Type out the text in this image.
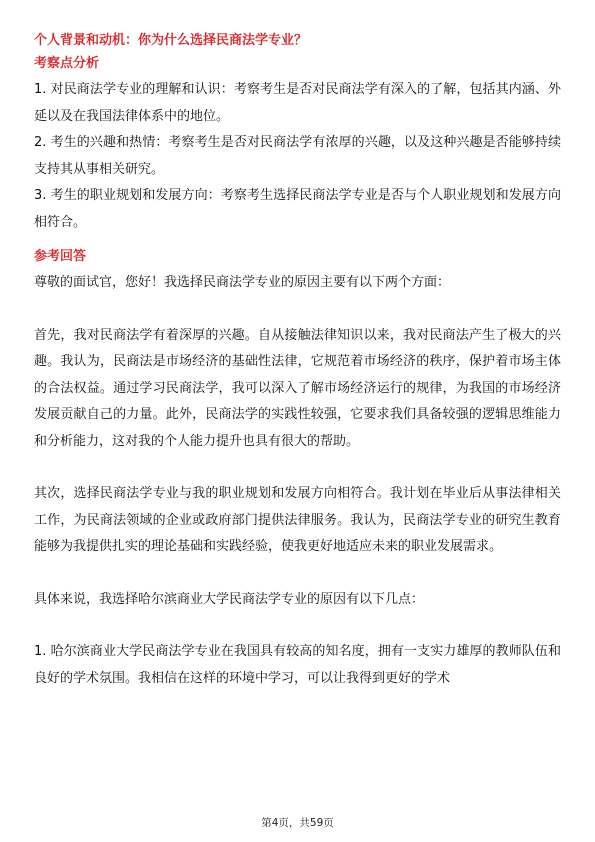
个人背景和动机：你为什么选择民商法学专业？
考察点分析

1. 对民商法学专业的理解和认识：考察考生是否对民商法学有深入的了解，包括其内涵、外延以及在我国法律体系中的地位。

2. 考生的兴趣和热情：考察考生是否对民商法学有浓厚的兴趣，以及这种兴趣是否能够持续支持其从事相关研究。

3. 考生的职业规划和发展方向：考察考生选择民商法学专业是否与个人职业规划和发展方向相符合。

参考回答

尊敬的面试官，您好！我选择民商法学专业的原因主要有以下两个方面：

首先，我对民商法学有着深厚的兴趣。自从接触法律知识以来，我对民商法产生了极大的兴趣。我认为，民商法是市场经济的基础性法律，它规范着市场经济的秩序，保护着市场主体的合法权益。通过学习民商法学，我可以深入了解市场经济运行的规律，为我国的市场经济发展贡献自己的力量。此外，民商法学的实践性较强，它要求我们具备较强的逻辑思维能力和分析能力，这对我的个人能力提升也具有很大的帮助。

其次，选择民商法学专业与我的职业规划和发展方向相符合。我计划在毕业后从事法律相关工作，为民商法领域的企业或政府部门提供法律服务。我认为，民商法学专业的研究生教育能够为我提供扎实的理论基础和实践经验，使我更好地适应未来的职业发展需求。

具体来说，我选择哈尔滨商业大学民商法学专业的原因有以下几点：

1. 哈尔滨商业大学民商法学专业在我国具有较高的知名度，拥有一支实力雄厚的教师队伍和良好的学术氛围。我相信在这样的环境中学习，可以让我得到更好的学术

第4页，共59页
